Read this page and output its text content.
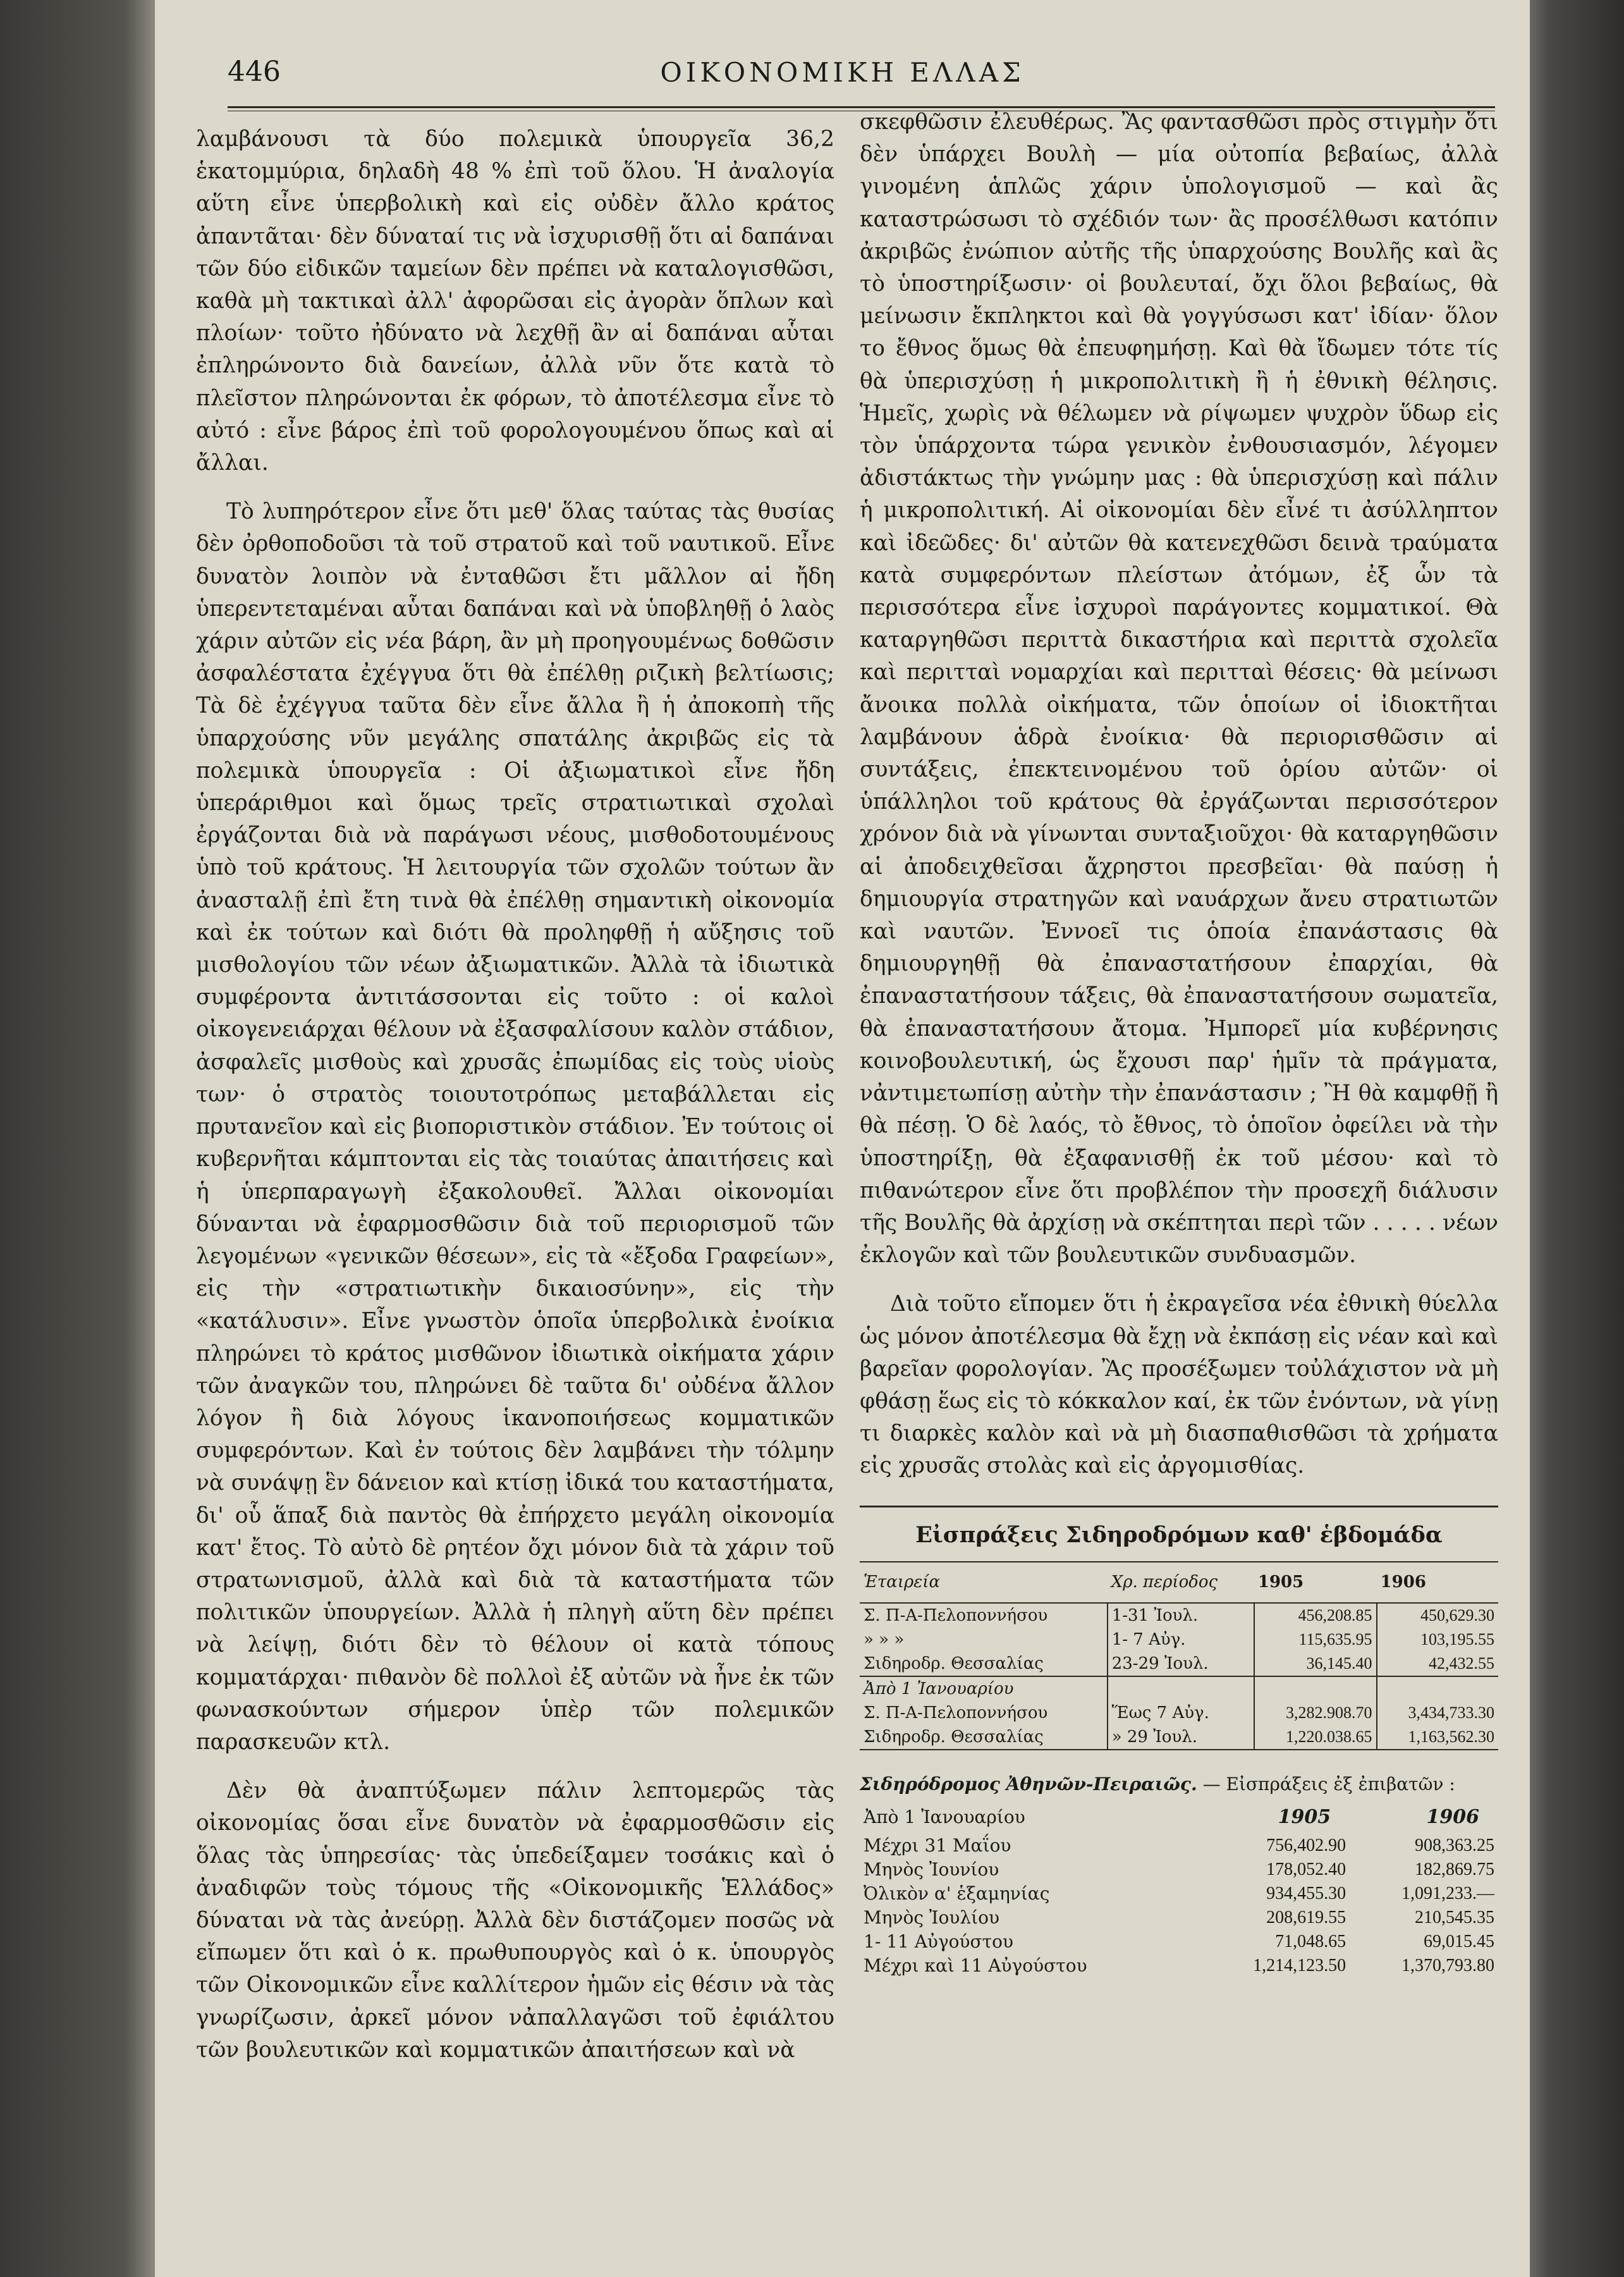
446	ΟΙΚΟΝΟΜΙΚΗ ΕΛΛΑΣ

λαμβάνουσι τὰ δύο πολεμικὰ ὑπουργεῖα 36,2 ἑκατομμύρια, δηλαδὴ 48 % ἐπὶ τοῦ ὅλου. Ἡ ἀναλογία αὕτη εἶνε ὑπερβολικὴ καὶ εἰς οὐδὲν ἄλλο κράτος ἀπαντᾶται· δὲν δύναταί τις νὰ ἰσχυρισθῇ ὅτι αἱ δαπάναι τῶν δύο εἰδικῶν ταμείων δὲν πρέπει νὰ καταλογισθῶσι, καθὰ μὴ τακτικαὶ ἀλλ' ἀφορῶσαι εἰς ἀγορὰν ὅπλων καὶ πλοίων· τοῦτο ἠδύνατο νὰ λεχθῇ ἂν αἱ δαπάναι αὗται ἐπληρώνοντο διὰ δανείων, ἀλλὰ νῦν ὅτε κατὰ τὸ πλεῖστον πληρώνονται ἐκ φόρων, τὸ ἀποτέλεσμα εἶνε τὸ αὐτό : εἶνε βάρος ἐπὶ τοῦ φορολογουμένου ὅπως καὶ αἱ ἄλλαι.

Τὸ λυπηρότερον εἶνε ὅτι μεθ' ὅλας ταύτας τὰς θυσίας δὲν ὀρθοποδοῦσι τὰ τοῦ στρατοῦ καὶ τοῦ ναυτικοῦ. Εἶνε δυνατὸν λοιπὸν νὰ ἐνταθῶσι ἔτι μᾶλλον αἱ ἤδη ὑπερεντεταμέναι αὗται δαπάναι καὶ νὰ ὑποβληθῇ ὁ λαὸς χάριν αὐτῶν εἰς νέα βάρη, ἂν μὴ προηγουμένως δοθῶσιν ἀσφαλέστατα ἐχέγγυα ὅτι θὰ ἐπέλθῃ ριζικὴ βελτίωσις; Τὰ δὲ ἐχέγγυα ταῦτα δὲν εἶνε ἄλλα ἢ ἡ ἀποκοπὴ τῆς ὑπαρχούσης νῦν μεγάλης σπατάλης ἀκριβῶς εἰς τὰ πολεμικὰ ὑπουργεῖα : Οἱ ἀξιωματικοὶ εἶνε ἤδη ὑπεράριθμοι καὶ ὅμως τρεῖς στρατιωτικαὶ σχολαὶ ἐργάζονται διὰ νὰ παράγωσι νέους, μισθοδοτουμένους ὑπὸ τοῦ κράτους. Ἡ λειτουργία τῶν σχολῶν τούτων ἂν ἀνασταλῇ ἐπὶ ἔτη τινὰ θὰ ἐπέλθῃ σημαντικὴ οἰκονομία καὶ ἐκ τούτων καὶ διότι θὰ προληφθῇ ἡ αὔξησις τοῦ μισθολογίου τῶν νέων ἀξιωματικῶν. Ἀλλὰ τὰ ἰδιωτικὰ συμφέροντα ἀντιτάσσονται εἰς τοῦτο : οἱ καλοὶ οἰκογενειάρχαι θέλουν νὰ ἐξασφαλίσουν καλὸν στάδιον, ἀσφαλεῖς μισθοὺς καὶ χρυσᾶς ἐπωμίδας εἰς τοὺς υἱοὺς των· ὁ στρατὸς τοιουτοτρόπως μεταβάλλεται εἰς πρυτανεῖον καὶ εἰς βιοποριστικὸν στάδιον. Ἐν τούτοις οἱ κυβερνῆται κάμπτονται εἰς τὰς τοιαύτας ἀπαιτήσεις καὶ ἡ ὑπερπαραγωγὴ ἐξακολουθεῖ. Ἄλλαι οἰκονομίαι δύνανται νὰ ἐφαρμοσθῶσιν διὰ τοῦ περιορισμοῦ τῶν λεγομένων «γενικῶν θέσεων», εἰς τὰ «ἔξοδα Γραφείων», εἰς τὴν «στρατιωτικὴν δικαιοσύνην», εἰς τὴν «κατάλυσιν». Εἶνε γνωστὸν ὁποῖα ὑπερβολικὰ ἐνοίκια πληρώνει τὸ κράτος μισθῶνον ἰδιωτικὰ οἰκήματα χάριν τῶν ἀναγκῶν του, πληρώνει δὲ ταῦτα δι' οὐδένα ἄλλον λόγον ἢ διὰ λόγους ἱκανοποιήσεως κομματικῶν συμφερόντων. Καὶ ἐν τούτοις δὲν λαμβάνει τὴν τόλμην νὰ συνάψῃ ἓν δάνειον καὶ κτίσῃ ἰδικά του καταστήματα, δι' οὗ ἅπαξ διὰ παντὸς θὰ ἐπήρχετο μεγάλη οἰκονομία κατ' ἔτος. Τὸ αὐτὸ δὲ ρητέον ὄχι μόνον διὰ τὰ χάριν τοῦ στρατωνισμοῦ, ἀλλὰ καὶ διὰ τὰ καταστήματα τῶν πολιτικῶν ὑπουργείων. Ἀλλὰ ἡ πληγὴ αὕτη δὲν πρέπει νὰ λείψῃ, διότι δὲν τὸ θέλουν οἱ κατὰ τόπους κομματάρχαι· πιθανὸν δὲ πολλοὶ ἐξ αὐτῶν νὰ ἦνε ἐκ τῶν φωνασκούντων σήμερον ὑπὲρ τῶν πολεμικῶν παρασκευῶν κτλ.

Δὲν θὰ ἀναπτύξωμεν πάλιν λεπτομερῶς τὰς οἰκονομίας ὅσαι εἶνε δυνατὸν νὰ ἐφαρμοσθῶσιν εἰς ὅλας τὰς ὑπηρεσίας· τὰς ὑπεδείξαμεν τοσάκις καὶ ὁ ἀναδιφῶν τοὺς τόμους τῆς «Οἰκονομικῆς Ἑλλάδος» δύναται νὰ τὰς ἀνεύρῃ. Ἀλλὰ δὲν διστάζομεν ποσῶς νὰ εἴπωμεν ὅτι καὶ ὁ κ. πρωθυπουργὸς καὶ ὁ κ. ὑπουργὸς τῶν Οἰκονομικῶν εἶνε καλλίτερον ἡμῶν εἰς θέσιν νὰ τὰς γνωρίζωσιν, ἀρκεῖ μόνον νἀπαλλαγῶσι τοῦ ἐφιάλτου τῶν βουλευτικῶν καὶ κομματικῶν ἀπαιτήσεων καὶ νὰ

σκεφθῶσιν ἐλευθέρως. Ἂς φαντασθῶσι πρὸς στιγμὴν ὅτι δὲν ὑπάρχει Βουλὴ — μία οὐτοπία βεβαίως, ἀλλὰ γινομένη ἁπλῶς χάριν ὑπολογισμοῦ — καὶ ἂς καταστρώσωσι τὸ σχέδιόν των· ἂς προσέλθωσι κατόπιν ἀκριβῶς ἐνώπιον αὐτῆς τῆς ὑπαρχούσης Βουλῆς καὶ ἂς τὸ ὑποστηρίξωσιν· οἱ βουλευταί, ὄχι ὅλοι βεβαίως, θὰ μείνωσιν ἔκπληκτοι καὶ θὰ γογγύσωσι κατ' ἰδίαν· ὅλον το ἔθνος ὅμως θὰ ἐπευφημήσῃ. Καὶ θὰ ἴδωμεν τότε τίς θὰ ὑπερισχύσῃ ἡ μικροπολιτικὴ ἢ ἡ ἐθνικὴ θέλησις. Ἡμεῖς, χωρὶς νὰ θέλωμεν νὰ ρίψωμεν ψυχρὸν ὕδωρ εἰς τὸν ὑπάρχοντα τώρα γενικὸν ἐνθουσιασμόν, λέγομεν ἀδιστάκτως τὴν γνώμην μας : θὰ ὑπερισχύσῃ καὶ πάλιν ἡ μικροπολιτική. Αἱ οἰκονομίαι δὲν εἶνέ τι ἀσύλληπτον καὶ ἰδεῶδες· δι' αὐτῶν θὰ κατενεχθῶσι δεινὰ τραύματα κατὰ συμφερόντων πλείστων ἀτόμων, ἐξ ὧν τὰ περισσότερα εἶνε ἰσχυροὶ παράγοντες κομματικοί. Θὰ καταργηθῶσι περιττὰ δικαστήρια καὶ περιττὰ σχολεῖα καὶ περιτταὶ νομαρχίαι καὶ περιτταὶ θέσεις· θὰ μείνωσι ἄνοικα πολλὰ οἰκήματα, τῶν ὁποίων οἱ ἰδιοκτῆται λαμβάνουν ἁδρὰ ἐνοίκια· θὰ περιορισθῶσιν αἱ συντάξεις, ἐπεκτεινομένου τοῦ ὁρίου αὐτῶν· οἱ ὑπάλληλοι τοῦ κράτους θὰ ἐργάζωνται περισσότερον χρόνον διὰ νὰ γίνωνται συνταξιοῦχοι· θὰ καταργηθῶσιν αἱ ἀποδειχθεῖσαι ἄχρηστοι πρεσβεῖαι· θὰ παύσῃ ἡ δημιουργία στρατηγῶν καὶ ναυάρχων ἄνευ στρατιωτῶν καὶ ναυτῶν. Ἐννοεῖ τις ὁποία ἐπανάστασις θὰ δημιουργηθῇ θὰ ἐπαναστατήσουν ἐπαρχίαι, θὰ ἐπαναστατήσουν τάξεις, θὰ ἐπαναστατήσουν σωματεῖα, θὰ ἐπαναστατήσουν ἄτομα. Ἠμπορεῖ μία κυβέρνησις κοινοβουλευτική, ὡς ἔχουσι παρ' ἡμῖν τὰ πράγματα, νἀντιμετωπίσῃ αὐτὴν τὴν ἐπανάστασιν ; Ἢ θὰ καμφθῇ ἢ θὰ πέσῃ. Ὁ δὲ λαός, τὸ ἔθνος, τὸ ὁποῖον ὀφείλει νὰ τὴν ὑποστηρίξῃ, θὰ ἐξαφανισθῇ ἐκ τοῦ μέσου· καὶ τὸ πιθανώτερον εἶνε ὅτι προβλέπον τὴν προσεχῆ διάλυσιν τῆς Βουλῆς θὰ ἀρχίσῃ νὰ σκέπτηται περὶ τῶν . . . . . νέων ἐκλογῶν καὶ τῶν βουλευτικῶν συνδυασμῶν.

Διὰ τοῦτο εἴπομεν ὅτι ἡ ἐκραγεῖσα νέα ἐθνικὴ θύελλα ὡς μόνον ἀποτέλεσμα θὰ ἔχῃ νὰ ἐκπάσῃ εἰς νέαν καὶ καὶ βαρεῖαν φορολογίαν. Ἂς προσέξωμεν τοὐλάχιστον νὰ μὴ φθάσῃ ἕως εἰς τὸ κόκκαλον καί, ἐκ τῶν ἐνόντων, νὰ γίνῃ τι διαρκὲς καλὸν καὶ νὰ μὴ διασπαθισθῶσι τὰ χρήματα εἰς χρυσᾶς στολὰς καὶ εἰς ἀργομισθίας.

Εἰσπράξεις Σιδηροδρόμων καθ' ἑβδομάδα
Ἑταιρεία	Χρ. περίοδος	1905	1906
Σ. Π-Α-Πελοποννήσου	1-31 Ἰουλ.	456,208.85	450,629.30
» » »	1- 7 Αὐγ.	115,635.95	103,195.55
Σιδηροδρ. Θεσσαλίας	23-29 Ἰουλ.	36,145.40	42,432.55
Ἀπὸ 1 Ἰανουαρίου			
Σ. Π-Α-Πελοποννήσου	Ἕως 7 Αὐγ.	3,282.908.70	3,434,733.30
Σιδηροδρ. Θεσσαλίας	» 29 Ἰουλ.	1,220.038.65	1,163,562.30
Σιδηρόδρομος Ἀθηνῶν-Πειραιῶς. — Εἰσπράξεις ἐξ ἐπιβατῶν :
Ἀπὸ 1 Ἰανουαρίου	1905	1906
Μέχρι 31 Μαΐου	756,402.90	908,363.25
Μηνὸς Ἰουνίου	178,052.40	182,869.75
Ὀλικὸν α' ἑξαμηνίας	934,455.30	1,091,233.—
Μηνὸς Ἰουλίου	208,619.55	210,545.35
1- 11 Αὐγούστου	71,048.65	69,015.45
Μέχρι καὶ 11 Αὐγούστου	1,214,123.50	1,370,793.80
